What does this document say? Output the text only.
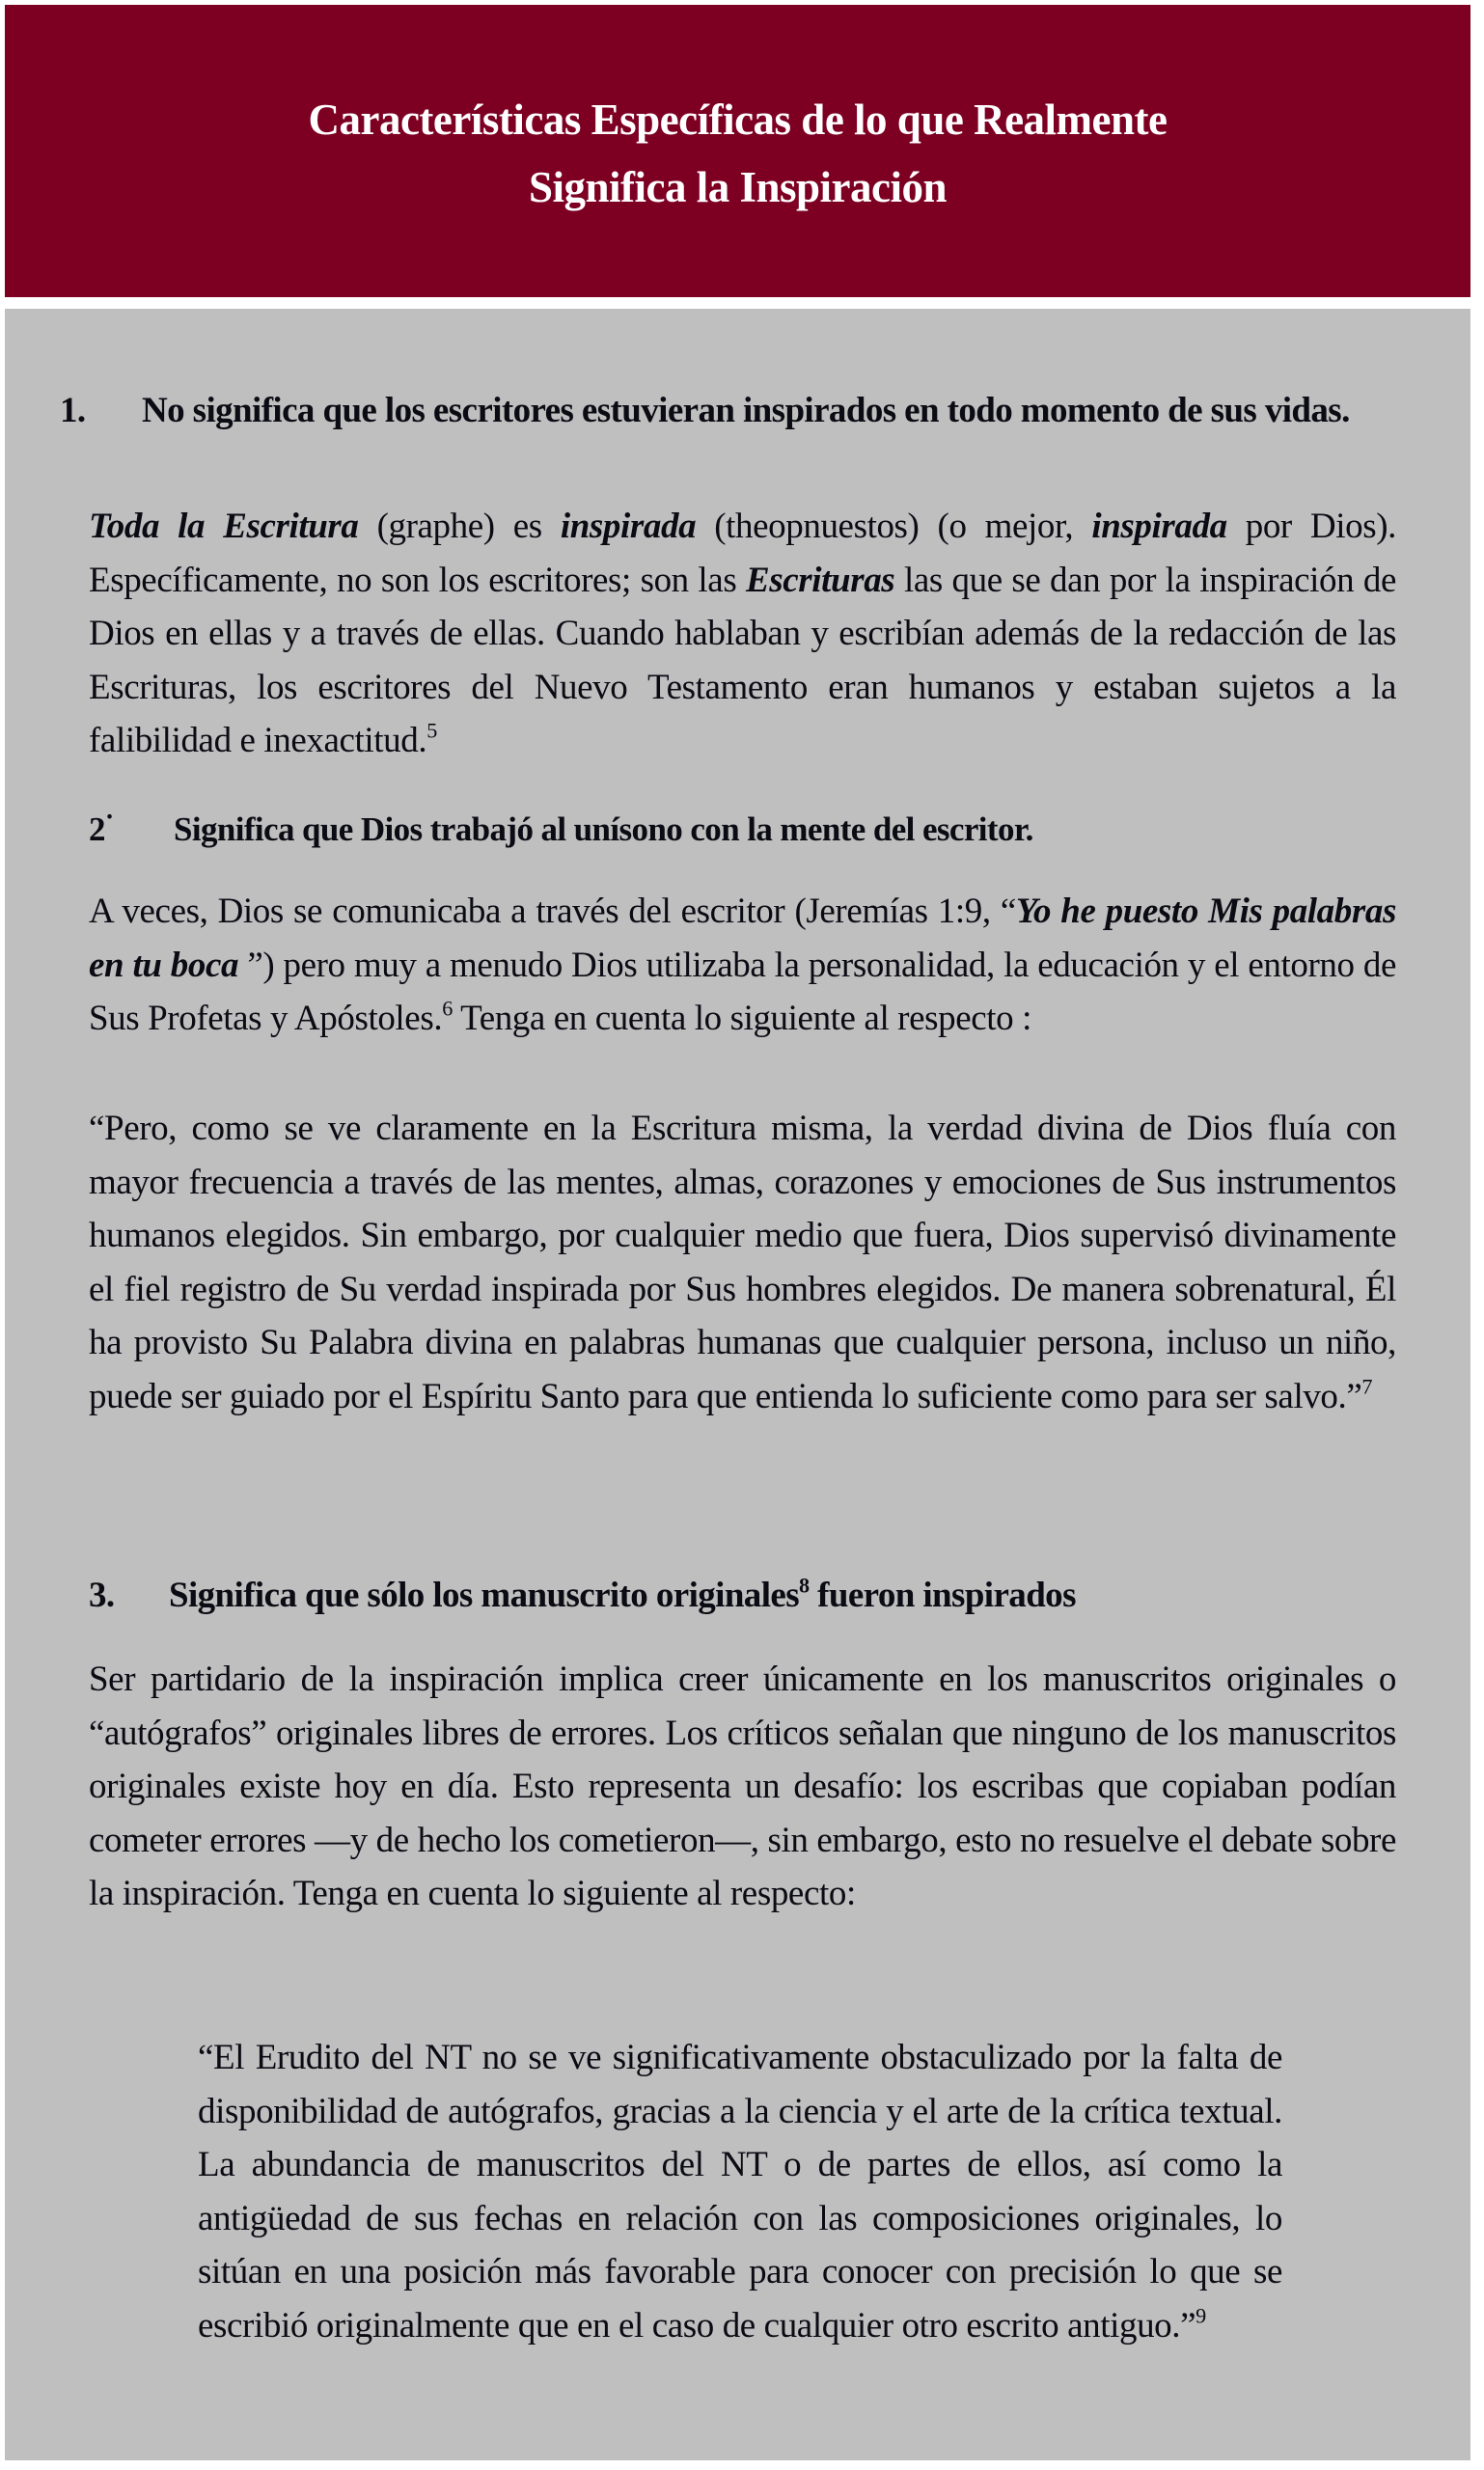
Características Específicas de lo que Realmente
Significa la Inspiración
1. No significa que los escritores estuvieran inspirados en todo momento de sus vidas.

Toda la Escritura (graphe) es inspirada (theopnuestos) (o mejor, inspirada por Dios). Específicamente, no son los escritores; son las Escrituras las que se dan por la inspiración de Dios en ellas y a través de ellas. Cuando hablaban y escribían además de la redacción de las Escrituras, los escritores del Nuevo Testamento eran humanos y estaban sujetos a la falibilidad e inexactitud.$^5$

2· Significa que Dios trabajó al unísono con la mente del escritor.

A veces, Dios se comunicaba a través del escritor (Jeremías 1:9, “Yo he puesto Mis palabras en tu boca ”) pero muy a menudo Dios utilizaba la personalidad, la educación y el entorno de Sus Profetas y Apóstoles.$^6$ Tenga en cuenta lo siguiente al respecto :

“Pero, como se ve claramente en la Escritura misma, la verdad divina de Dios fluía con mayor frecuencia a través de las mentes, almas, corazones y emociones de Sus instrumentos humanos elegidos. Sin embargo, por cualquier medio que fuera, Dios supervisó divinamente el fiel registro de Su verdad inspirada por Sus hombres elegidos. De manera sobrenatural, Él ha provisto Su Palabra divina en palabras humanas que cualquier persona, incluso un niño, puede ser guiado por el Espíritu Santo para que entienda lo suficiente como para ser salvo.”$^7$

3. Significa que sólo los manuscrito originales$^8$ fueron inspirados

Ser partidario de la inspiración implica creer únicamente en los manuscritos originales o “autógrafos” originales libres de errores. Los críticos señalan que ninguno de los manuscritos originales existe hoy en día. Esto representa un desafío: los escribas que copiaban podían cometer errores —y de hecho los cometieron—, sin embargo, esto no resuelve el debate sobre la inspiración. Tenga en cuenta lo siguiente al respecto:

“El Erudito del NT no se ve significativamente obstaculizado por la falta de disponibilidad de autógrafos, gracias a la ciencia y el arte de la crítica textual. La abundancia de manuscritos del NT o de partes de ellos, así como la antigüedad de sus fechas en relación con las composiciones originales, lo sitúan en una posición más favorable para conocer con precisión lo que se escribió originalmente que en el caso de cualquier otro escrito antiguo.”$^9$
